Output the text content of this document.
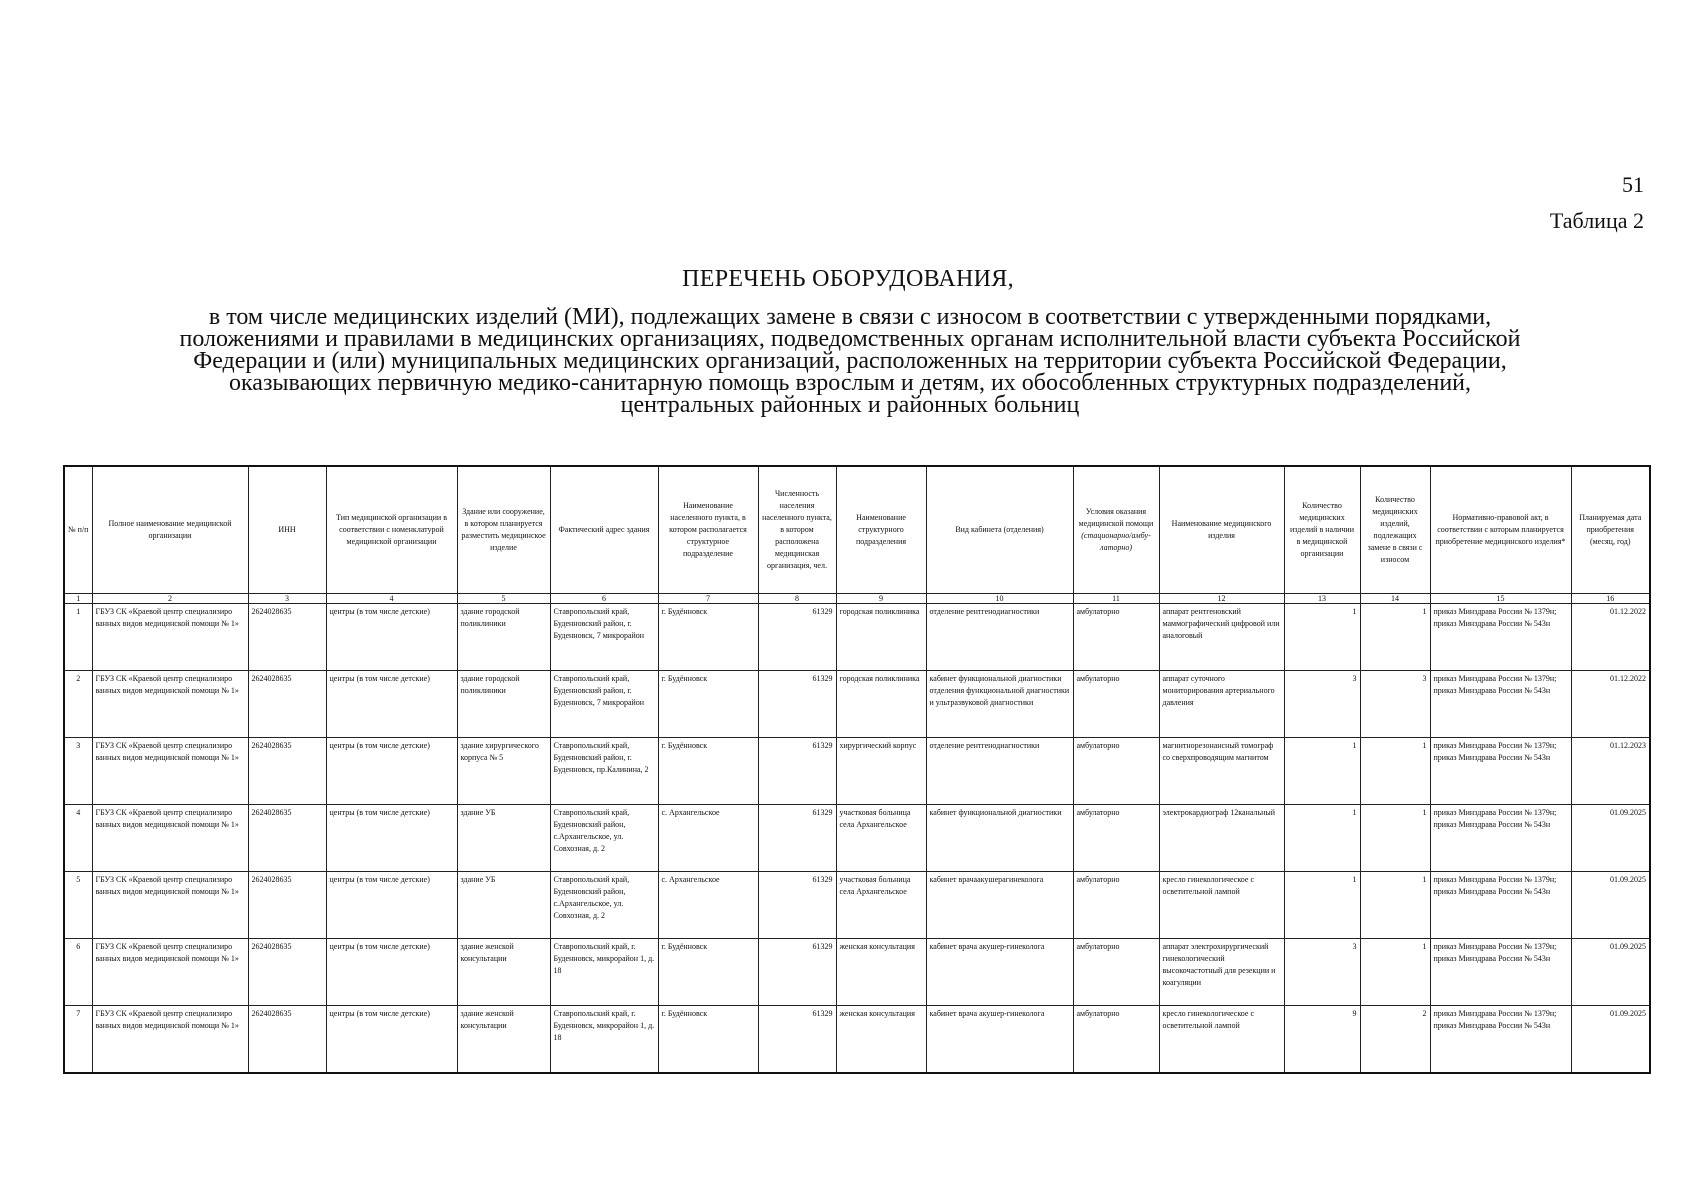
51
Таблица 2
ПЕРЕЧЕНЬ ОБОРУДОВАНИЯ,
в том числе медицинских изделий (МИ), подлежащих замене в связи с износом в соответствии с утвержденными порядками,
положениями и правилами в медицинских организациях, подведомственных органам исполнительной власти субъекта Российской
Федерации и (или) муниципальных медицинских организаций, расположенных на территории субъекта Российской Федерации,
оказывающих первичную медико-санитарную помощь взрослым и детям, их обособленных структурных подразделений,
центральных районных и районных больниц
№ п/п	Полное наименование медицинской организации	ИНН	Тип медицинской организации в соответствии с номенклатурой медицинской организации	Здание или сооружение, в котором планируется разместить медицинское изделие	Фактический адрес здания	Наименование населенного пункта, в котором располагается структурное подразделение	Численность населения населенного пункта, в котором расположена медицинская организация, чел.	Наименование структурного подразделения	Вид кабинета (отделения)	Условия оказания медицинской помощи
(стационарно/амбу-латорно)	Наименование медицинского изделия	Количество медицинских изделий в наличии в медицинской организации	Количество медицинских изделий, подлежащих замене в связи с износом	Нормативно-правовой акт, в соответствии с которым планируется приобретение медицинского изделия*	Планируемая дата приобретения (месяц, год)
1	2	3	4	5	6	7	8	9	10	11	12	13	14	15	16
1	ГБУЗ СК «Краевой центр специализиро ванных видов медицинской помощи № 1»	2624028635	центры (в том числе детские)	здание городской поликлиники	Ставропольский край, Буденновский район, г. Буденновск, 7 микрорайон	г. Будённовск	61329	городская поликлиника	отделение рентгенодиагностики	амбулаторно	аппарат рентгеновский маммографический цифровой или аналоговый	1	1	приказ Минздрава России № 1379н; приказ Минздрава России № 543н	01.12.2022
2	ГБУЗ СК «Краевой центр специализиро ванных видов медицинской помощи № 1»	2624028635	центры (в том числе детские)	здание городской поликлиники	Ставропольский край, Буденновский район, г. Буденновск, 7 микрорайон	г. Будённовск	61329	городская поликлиника	кабинет функциональной диагностики отделения функциональной диагностики и ультразвуковой диагностики	амбулаторно	аппарат суточного мониторирования артериального давления	3	3	приказ Минздрава России № 1379н; приказ Минздрава России № 543н	01.12.2022
3	ГБУЗ СК «Краевой центр специализиро ванных видов медицинской помощи № 1»	2624028635	центры (в том числе детские)	здание хирургического корпуса № 5	Ставропольский край, Буденновский район, г. Буденновск, пр.Калинина, 2	г. Будённовск	61329	хирургический корпус	отделение рентгенодиагностики	амбулаторно	магнитнорезонансный томограф со сверхпроводящим магнитом	1	1	приказ Минздрава России № 1379н; приказ Минздрава России № 543н	01.12.2023
4	ГБУЗ СК «Краевой центр специализиро ванных видов медицинской помощи № 1»	2624028635	центры (в том числе детские)	здание УБ	Ставропольский край, Буденновский район, с.Архангельское, ул. Совхозная, д. 2	с. Архангельское	61329	участковая больница села Архангельское	кабинет функциональной диагностики	амбулаторно	электрокардиограф 12канальный	1	1	приказ Минздрава России № 1379н; приказ Минздрава России № 543н	01.09.2025
5	ГБУЗ СК «Краевой центр специализиро ванных видов медицинской помощи № 1»	2624028635	центры (в том числе детские)	здание УБ	Ставропольский край, Буденновский район, с.Архангельское, ул. Совхозная, д. 2	с. Архангельское	61329	участковая больница села Архангельское	кабинет врачаакушерагинеколога	амбулаторно	кресло гинекологическое с осветительной лампой	1	1	приказ Минздрава России № 1379н; приказ Минздрава России № 543н	01.09.2025
6	ГБУЗ СК «Краевой центр специализиро ванных видов медицинской помощи № 1»	2624028635	центры (в том числе детские)	здание женской консультации	Ставропольский край, г. Буденновск, микрорайон 1, д. 18	г. Будённовск	61329	женская консультация	кабинет врача акушер-гинеколога	амбулаторно	аппарат электрохирургический гинекологический высокочастотный для резекции и коагуляции	3	1	приказ Минздрава России № 1379н; приказ Минздрава России № 543н	01.09.2025
7	ГБУЗ СК «Краевой центр специализиро ванных видов медицинской помощи № 1»	2624028635	центры (в том числе детские)	здание женской консультации	Ставропольский край, г. Буденновск, микрорайон 1, д. 18	г. Будённовск	61329	женская консультация	кабинет врача акушер-гинеколога	амбулаторно	кресло гинекологическое с осветительной лампой	9	2	приказ Минздрава России № 1379н; приказ Минздрава России № 543н	01.09.2025
